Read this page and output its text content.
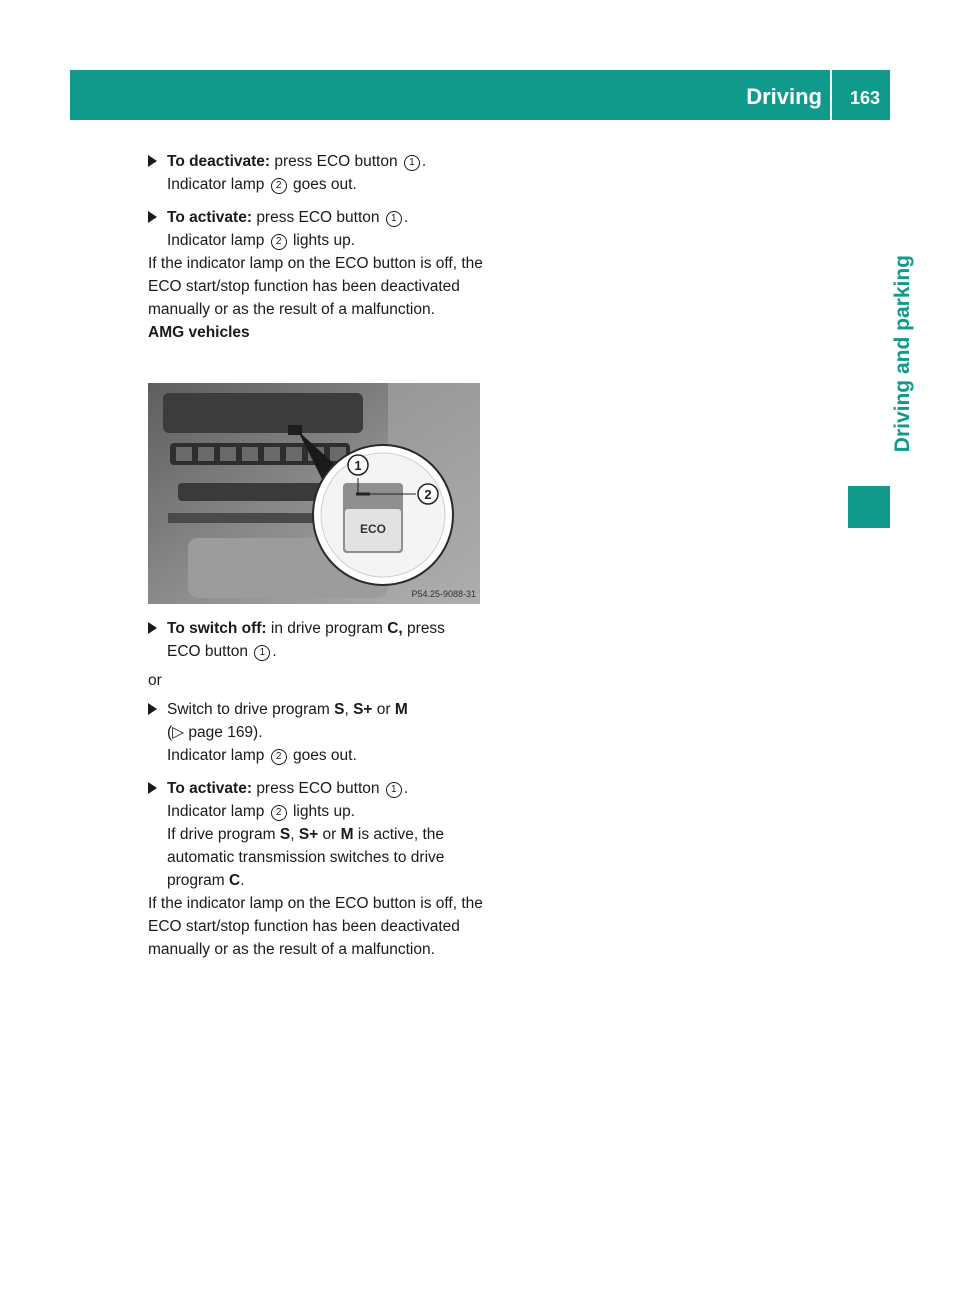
Driving 163
Driving and parking

To deactivate: press ECO button 1 .
Indicator lamp 2 goes out.

To activate: press ECO button 1 .
Indicator lamp 2 lights up.

If the indicator lamp on the ECO button is off, the ECO start/stop function has been deactivated manually or as the result of a malfunction.

AMG vehicles

1
2
ECO
P54.25-9088-31

To switch off: in drive program C, press
ECO button 1 .

or

Switch to drive program S, S+ or M
(▷ page 169).
Indicator lamp 2 goes out.

To activate: press ECO button 1 .
Indicator lamp 2 lights up.
If drive program S, S+ or M is active, the automatic transmission switches to drive program C.

If the indicator lamp on the ECO button is off, the ECO start/stop function has been deactivated manually or as the result of a malfunction.
